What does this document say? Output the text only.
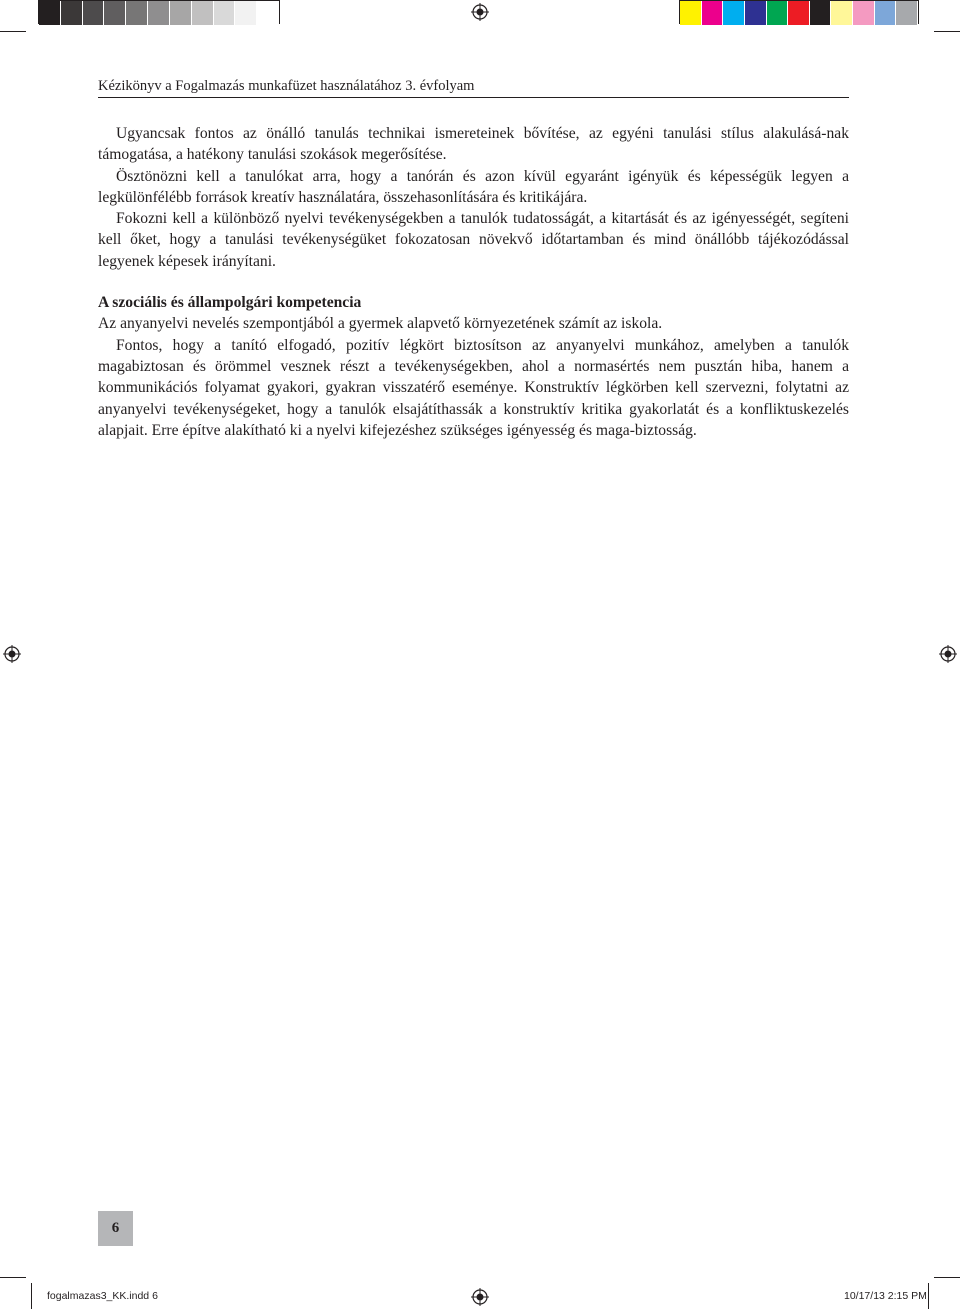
Kézikönyv a Fogalmazás munkafüzet használatához 3. évfolyam

Ugyancsak fontos az önálló tanulás technikai ismereteinek bővítése, az egyéni tanulási stílus alakulásá-nak támogatása, a hatékony tanulási szokások megerősítése.

Ösztönözni kell a tanulókat arra, hogy a tanórán és azon kívül egyaránt igényük és képességük legyen a legkülönfélébb források kreatív használatára, összehasonlítására és kritikájára.

Fokozni kell a különböző nyelvi tevékenységekben a tanulók tudatosságát, a kitartását és az igényességét, segíteni kell őket, hogy a tanulási tevékenységüket fokozatosan növekvő időtartamban és mind önállóbb tájékozódással legyenek képesek irányítani.

A szociális és állampolgári kompetencia

Az anyanyelvi nevelés szempontjából a gyermek alapvető környezetének számít az iskola.

Fontos, hogy a tanító elfogadó, pozitív légkört biztosítson az anyanyelvi munkához, amelyben a tanulók magabiztosan és örömmel vesznek részt a tevékenységekben, ahol a normasértés nem pusztán hiba, hanem a kommunikációs folyamat gyakori, gyakran visszatérő eseménye. Konstruktív légkörben kell szervezni, folytatni az anyanyelvi tevékenységeket, hogy a tanulók elsajátíthassák a konstruktív kritika gyakorlatát és a konfliktuskezelés alapjait. Erre építve alakítható ki a nyelvi kifejezéshez szükséges igényesség és maga-biztosság.

6
fogalmazas3_KK.indd 6	10/17/13 2:15 PM
